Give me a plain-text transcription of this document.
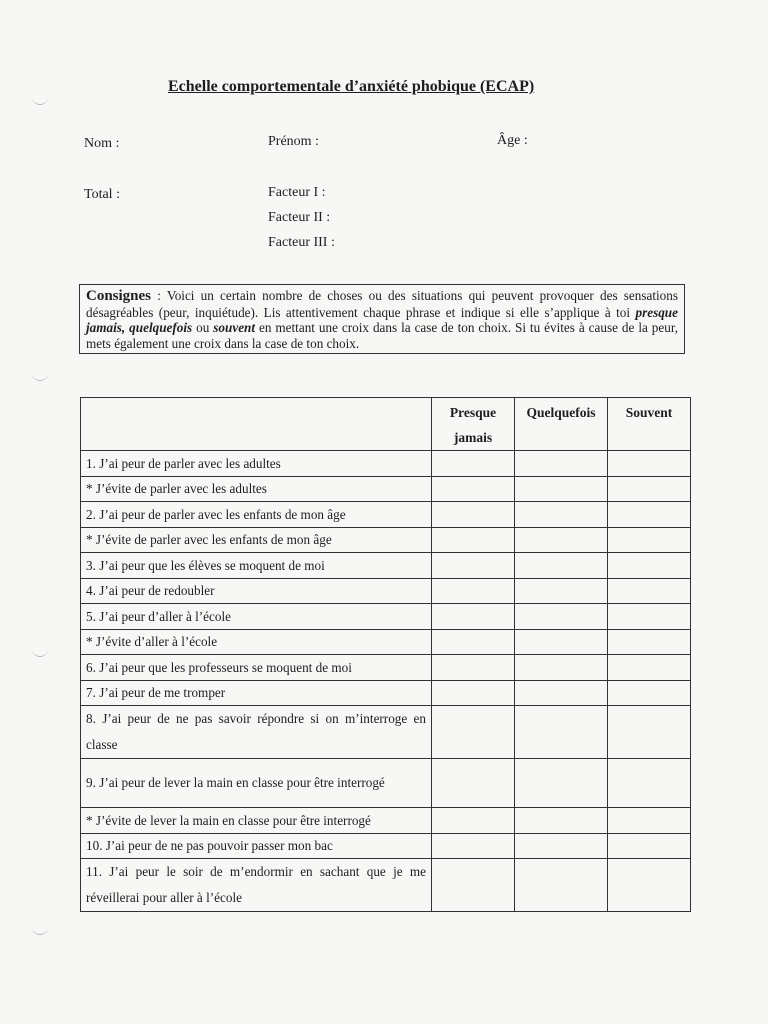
Echelle comportementale d’anxiété phobique (ECAP)
Nom :	Prénom :	Âge :
Total :	Facteur I :
Facteur II :
Facteur III :
Consignes : Voici un certain nombre de choses ou des situations qui peuvent provoquer des sensations désagréables (peur, inquiétude). Lis attentivement chaque phrase et indique si elle s’applique à toi presque jamais, quelquefois ou souvent en mettant une croix dans la case de ton choix. Si tu évites à cause de la peur, mets également une croix dans la case de ton choix.
	Presque jamais	Quelquefois	Souvent
1. J’ai peur de parler avec les adultes			
* J’évite de parler avec les adultes			
2. J’ai peur de parler avec les enfants de mon âge			
* J’évite de parler avec les enfants de mon âge			
3. J’ai peur que les élèves se moquent de moi			
4. J’ai peur de redoubler			
5. J’ai peur d’aller à l’école			
* J’évite d’aller à l’école			
6. J’ai peur que les professeurs se moquent de moi			
7. J’ai peur de me tromper			
8. J’ai peur de ne pas savoir répondre si on m’interroge en classe			
9. J’ai peur de lever la main en classe pour être interrogé			
* J’évite de lever la main en classe pour être interrogé			
10. J’ai peur de ne pas pouvoir passer mon bac			
11. J’ai peur le soir de m’endormir en sachant que je me réveillerai pour aller à l’école			
